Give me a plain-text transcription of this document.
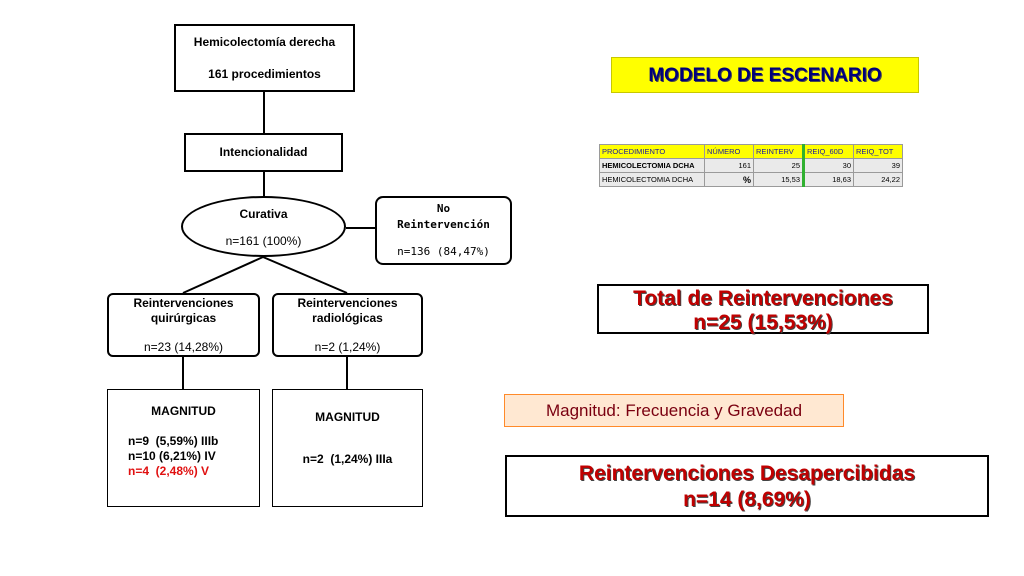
Hemicolectomía derecha
161 procedimientos
Intencionalidad
Curativa
n=161 (100%)
No
Reintervención
n=136 (84,47%)
Reintervenciones
quirúrgicas
n=23 (14,28%)
Reintervenciones
radiológicas
n=2 (1,24%)
MAGNITUD
n=9  (5,59%) IIIb
n=10 (6,21%) IV
n=4  (2,48%) V
MAGNITUD
n=2  (1,24%) IIIa
MODELO DE ESCENARIO
PROCEDIMIENTO	NÚMERO	REINTERV	REIQ_60D	REIQ_TOT
HEMICOLECTOMIA DCHA	161	25	30	39
HEMICOLECTOMIA DCHA	%	15,53	18,63	24,22
Total de Reintervenciones
n=25 (15,53%)
Magnitud: Frecuencia y Gravedad
Reintervenciones Desapercibidas
n=14 (8,69%)
